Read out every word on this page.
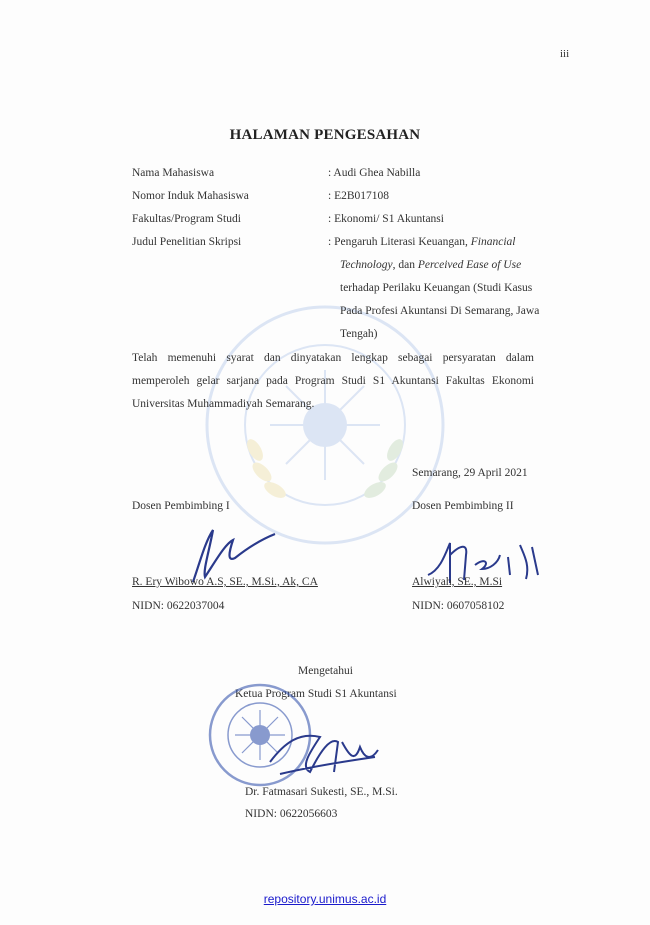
iii
HALAMAN PENGESAHAN
Nama Mahasiswa	: Audi Ghea Nabilla
Nomor Induk Mahasiswa	: E2B017108
Fakultas/Program Studi	: Ekonomi/ S1 Akuntansi
Judul Penelitian Skripsi	: Pengaruh Literasi Keuangan, Financial
Technology, dan Perceived Ease of Use
terhadap Perilaku Keuangan (Studi Kasus
Pada Profesi Akuntansi Di Semarang, Jawa
Tengah)
Telah memenuhi syarat dan dinyatakan lengkap sebagai persyaratan dalam memperoleh gelar sarjana pada Program Studi S1 Akuntansi Fakultas Ekonomi Universitas Muhammadiyah Semarang.
Semarang, 29 April 2021
Dosen Pembimbing I	Dosen Pembimbing II
R. Ery Wibowo A.S, SE., M.Si., Ak, CA	Alwiyah, SE., M.Si
NIDN: 0622037004	NIDN: 0607058102
Mengetahui
Ketua Program Studi S1 Akuntansi
Dr. Fatmasari Sukesti, SE., M.Si.
NIDN: 0622056603
repository.unimus.ac.id
